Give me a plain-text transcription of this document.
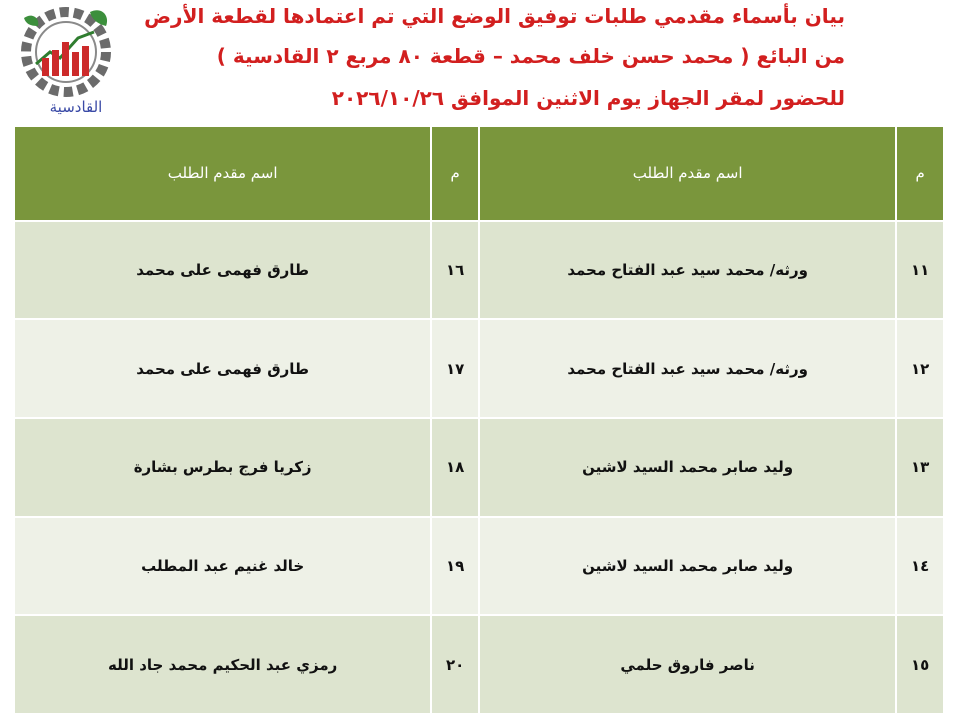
القادسية
بيان بأسماء مقدمي طلبات توفيق الوضع التي تم اعتمادها لقطعة الأرض
من البائع ( محمد حسن خلف محمد – قطعة ٨٠ مربع ٢ القادسية )
للحضور لمقر الجهاز يوم الاثنين الموافق ٢٠٢٦/١٠/٢٦
م	اسم مقدم الطلب	م	اسم مقدم الطلب
١١	ورثه/ محمد سيد عبد الفتاح محمد	١٦	طارق فهمى على محمد
١٢	ورثه/ محمد سيد عبد الفتاح محمد	١٧	طارق فهمى على محمد
١٣	وليد صابر محمد السيد لاشين	١٨	زكريا فرج بطرس بشارة
١٤	وليد صابر محمد السيد لاشين	١٩	خالد غنيم عبد المطلب
١٥	ناصر فاروق حلمي	٢٠	رمزي عبد الحكيم محمد جاد الله
